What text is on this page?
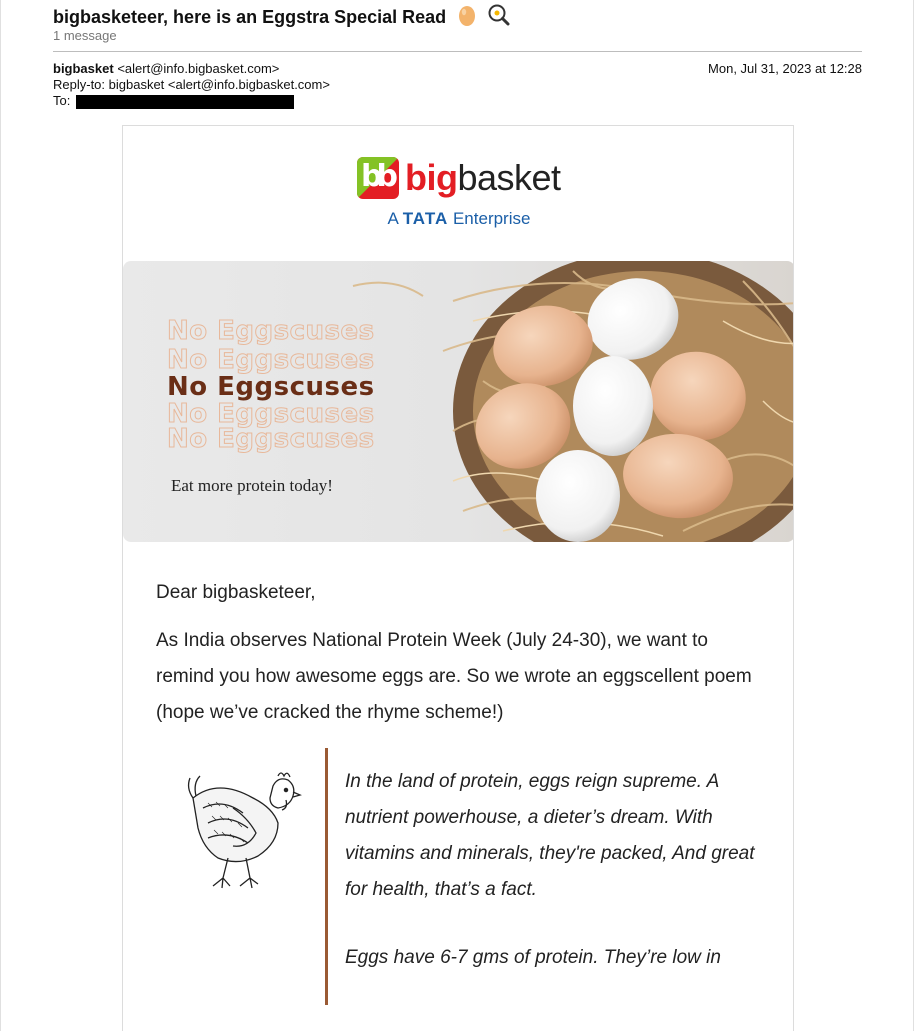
bigbasketeer, here is an Eggstra Special Read
1 message
bigbasket <alert@info.bigbasket.com>	Mon, Jul 31, 2023 at 12:28
Reply-to: bigbasket <alert@info.bigbasket.com>
To:
bb bigbasket
A TATA Enterprise
No Eggscuses
No Eggscuses
No Eggscuses
No Eggscuses
No Eggscuses
Eat more protein today!
Dear bigbasketeer,
As India observes National Protein Week (July 24-30), we want to remind you how awesome eggs are. So we wrote an eggscellent poem (hope we’ve cracked the rhyme scheme!)

In the land of protein, eggs reign supreme. A nutrient powerhouse, a dieter’s dream. With vitamins and minerals, they're packed, And great for health, that’s a fact.

Eggs have 6-7 gms of protein. They’re low in
